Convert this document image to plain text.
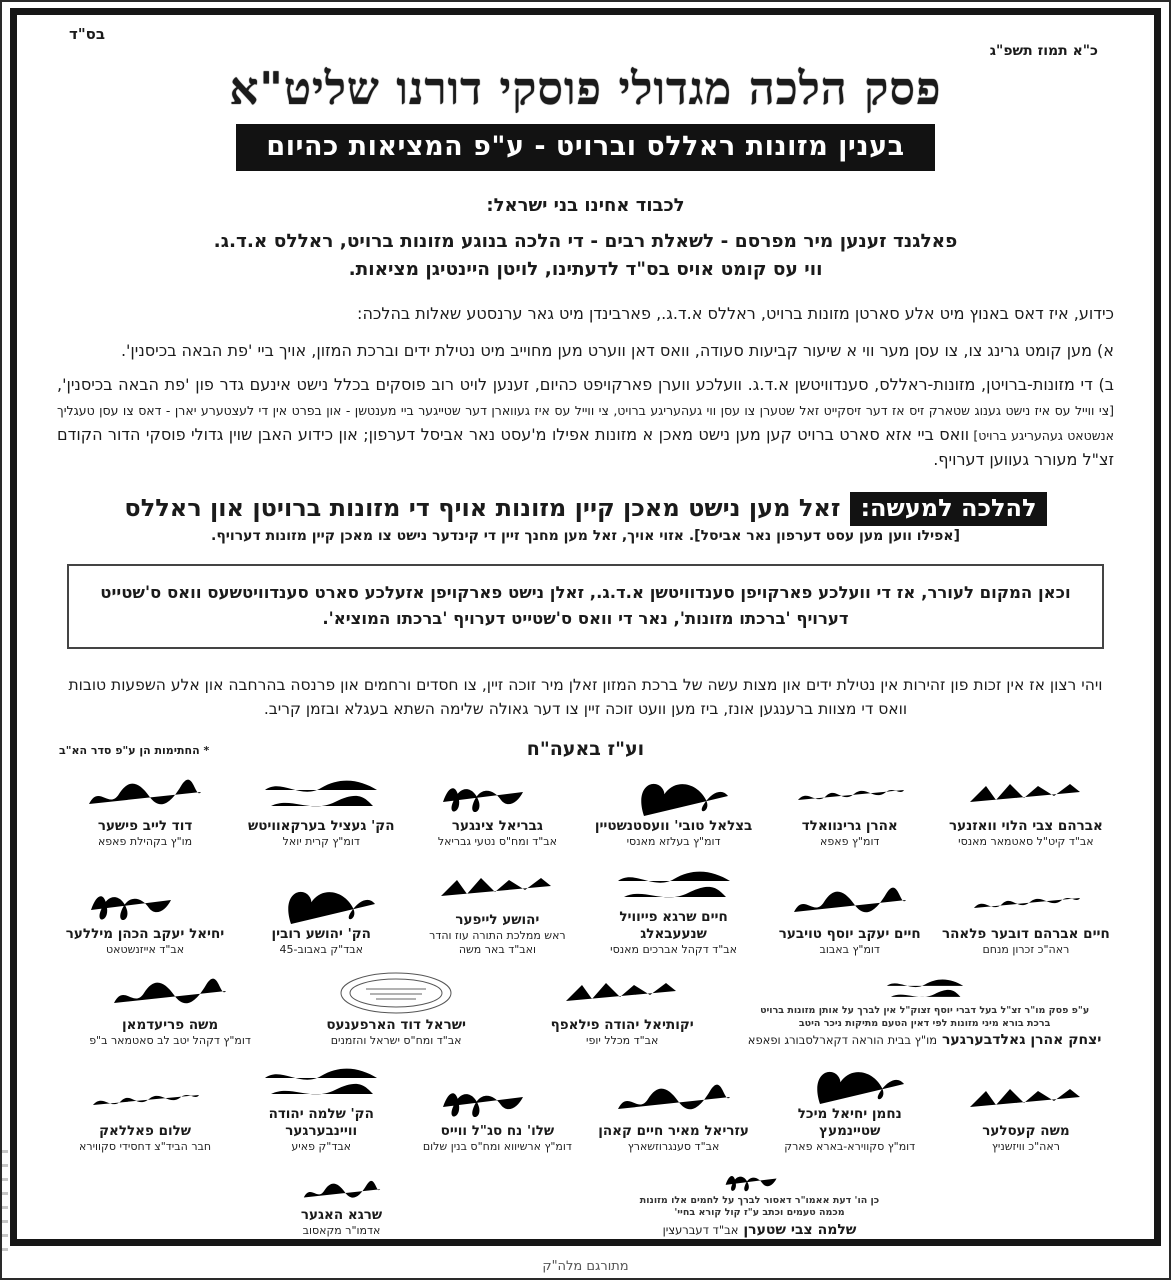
בס"ד
כ"א תמוז תשפ"ג
פסק הלכה מגדולי פוסקי דורנו שליט"א
בענין מזונות ראללס וברויט - ע"פ המציאות כהיום
לכבוד אחינו בני ישראל:
פאלגנד זענען מיר מפרסם - לשאלת רבים - די הלכה בנוגע מזונות ברויט, ראללס א.ד.ג.
ווי עס קומט אויס בס"ד לדעתינו, לויטן היינטיגן מציאות.
כידוע, איז דאס באנוץ מיט אלע סארטן מזונות ברויט, ראללס א.ד.ג., פארבינדן מיט גאר ערנסטע שאלות בהלכה:
א) מען קומט גרינג צו, צו עסן מער ווי א שיעור קביעות סעודה, וואס דאן ווערט מען מחוייב מיט נטילת ידים וברכת המזון, אויך ביי 'פת הבאה בכיסנין'.
ב) די מזונות-ברויטן, מזונות-ראללס, סענדוויטשן א.ד.ג. וועלכע ווערן פארקויפט כהיום, זענען לויט רוב פוסקים בכלל נישט אינעם גדר פון 'פת הבאה בכיסנין', [צי ווייל עס איז נישט גענוג שטארק זיס אז דער זיסקייט זאל שטערן צו עסן ווי געהעריגע ברויט, צי ווייל עס איז געווארן דער שטייגער ביי מענטשן - און בפרט אין די לעצטערע יארן - דאס צו עסן טעגליך אנשטאט געהעריגע ברויט] וואס ביי אזא סארט ברויט קען מען נישט מאכן א מזונות אפילו מ'עסט נאר אביסל דערפון; און כידוע האבן שוין גדולי פוסקי הדור הקודם זצ"ל מעורר געווען דערויף.
להלכה למעשה:זאל מען נישט מאכן קיין מזונות אויף די מזונות ברויטן און ראללס
[אפילו ווען מען עסט דערפון נאר אביסל]. אזוי אויך, זאל מען מחנך זיין די קינדער נישט צו מאכן קיין מזונות דערויף.
וכאן המקום לעורר, אז די וועלכע פארקויפן סענדוויטשן א.ד.ג., זאלן נישט פארקויפן אזעלכע סארט סענדוויטשעס וואס ס'שטייט דערויף 'ברכתו מזונות', נאר די וואס ס'שטייט דערויף 'ברכתו המוציא'.
ויהי רצון אז אין זכות פון זהירות אין נטילת ידים און מצות עשה של ברכת המזון זאלן מיר זוכה זיין, צו חסדים ורחמים און פרנסה בהרחבה און אלע השפעות טובות וואס די מצוות ברענגען אונז, ביז מען וועט זוכה זיין צו דער גאולה שלימה השתא בעגלא ובזמן קריב.
וע"ז באעה"ח
* החתימות הן ע"פ סדר הא"ב
אברהם צבי הלוי וואזנער
אב"ד קיט"ל סאטמאר מאנסי
אהרן גרינוואלד
דומ"ץ פאפא
בצלאל טובי' וועסטנשטיין
דומ"ץ בעלזא מאנסי
גבריאל צינגער
אב"ד ומח"ס נטעי גבריאל
הק' געציל בערקאוויטש
דומ"ץ קרית יואל
דוד לייב פישער
מו"ץ בקהילת פאפא
חיים אברהם דובער פלאהר
ראה"כ זכרון מנחם
חיים יעקב יוסף טויבער
דומ"ץ באבוב
חיים שרגא פייוויל שנעעבאלג
אב"ד דקהל אברכים מאנסי
יהושע לייפער
ראש ממלכת התורה עוז והדר
ואב"ד באר משה
הק' יהושע רובין
אבד"ק באבוב-45
יחיאל יעקב הכהן מיללער
אב"ד אייזנשטאט
ע"פ פסק מו"ר זצ"ל בעל דברי יוסף זצוק"ל אין לברך על אותן מזונות ברויט
ברכת בורא מיני מזונות לפי דאין הטעם מתיקות ניכר היטב
יצחק אהרן גאלדבערגער מו"ץ בבית הוראה דקארלסבורג ופאפא
יקותיאל יהודה פילאפף
אב"ד מכלל יופי
ישראל דוד הארפענעס
אב"ד ומח"ס ישראל והזמנים
משה פריעדמאן
דומ"ץ דקהל יטב לב סאטמאר ב"פ
משה קעסלער
ראה"כ וויזשניץ
נחמן יחיאל מיכל שטיינמעץ
דומ"ץ סקווירא-בארא פארק
עזריאל מאיר חיים קאהן
אב"ד סענגרוזשארץ
שלו' נח סג"ל ווייס
דומ"ץ ארשיווא ומח"ס בנין שלום
הק' שלמה יהודה וויינבערגער
אבד"ק פאיע
שלום פאללאק
חבר הביד"צ דחסידי סקווירא
כן הו' דעת אאמו"ר דאסור לברך על לחמים אלו מזונות
מכמה טעמים וכתב ע"ז קול קורא בחיי'
שלמה צבי שטערן אב"ד דעברעצין
שרגא האגער
אדמו"ר מקאסוב
מתורגם מלה"ק
